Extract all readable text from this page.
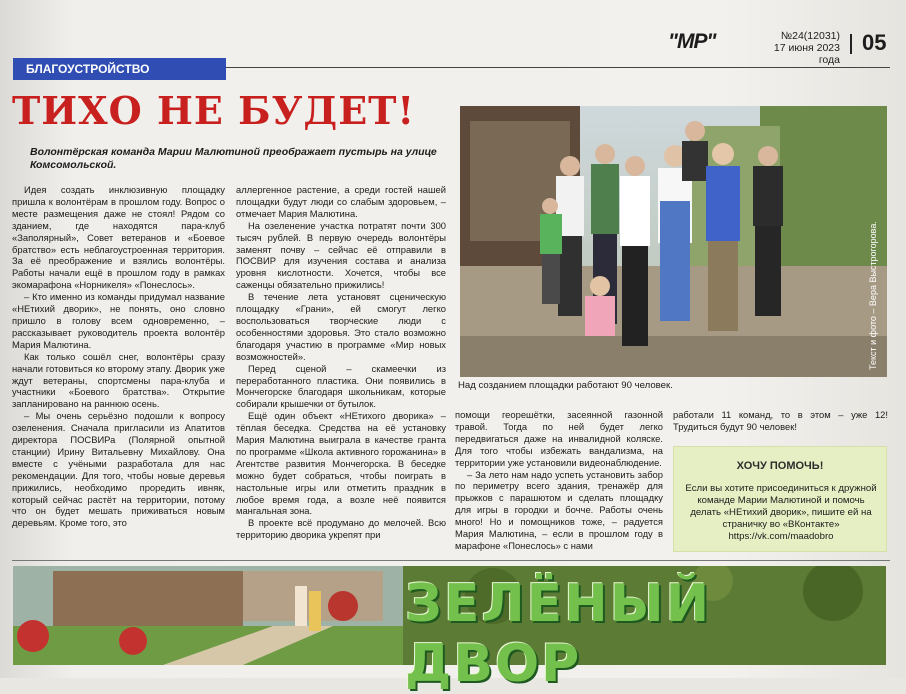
"МР"	№24(12031)
17 июня 2023 года
05
БЛАГОУСТРОЙСТВО
ТИХО НЕ БУДЕТ!
Волонтёрская команда Марии Малютиной преображает пустырь на улице Комсомольской.

Идея создать инклюзивную площадку пришла к волонтёрам в прошлом году. Вопрос о месте размещения даже не стоял! Рядом со зданием, где находятся пара-клуб «Заполярный», Совет ветеранов и «Боевое братство» есть неблагоустроенная территория. За её преображение и взялись волонтёры. Работы начали ещё в прошлом году в рамках экомарафона «Норникеля» «Понеслось».

– Кто именно из команды придумал название «НЕтихий дворик», не понять, оно словно пришло в голову всем одновременно, – рассказывает руководитель проекта волонтёр Мария Малютина.

Как только сошёл снег, волонтёры сразу начали готовиться ко второму этапу. Дворик уже ждут ветераны, спортсмены пара-клуба и участники «Боевого братства». Открытие запланировано на раннюю осень.

– Мы очень серьёзно подошли к вопросу озеленения. Сначала пригласили из Апатитов директора ПОСВИРа (Полярной опытной станции) Ирину Витальевну Михайлову. Она вместе с учёными разработала для нас рекомендации. Для того, чтобы новые деревья прижились, необходимо проредить ивняк, который сейчас растёт на территории, потому что он будет мешать приживаться новым деревьям. Кроме того, это

аллергенное растение, а среди гостей нашей площадки будут люди со слабым здоровьем, – отмечает Мария Малютина.

На озеленение участка потратят почти 300 тысяч рублей. В первую очередь волонтёры заменят почву – сейчас её отправили в ПОСВИР для изучения состава и анализа уровня кислотности. Хочется, чтобы все саженцы обязательно прижились!

В течение лета установят сценическую площадку «Грани», ей смогут легко воспользоваться творческие люди с особенностями здоровья. Это стало возможно благодаря участию в программе «Мир новых возможностей».

Перед сценой – скамеечки из переработанного пластика. Они появились в Мончегорске благодаря школьникам, которые собирали крышечки от бутылок.

Ещё один объект «НЕтихого дворика» – тёплая беседка. Средства на её установку Мария Малютина выиграла в качестве гранта по программе «Школа активного горожанина» в Агентстве развития Мончегорска. В беседке можно будет собраться, чтобы поиграть в настольные игры или отметить праздник в любое время года, а возле неё появится мангальная зона.

В проекте всё продумано до мелочей. Всю территорию дворика укрепят при

помощи георешётки, засеянной газонной травой. Тогда по ней будет легко передвигаться даже на инвалидной коляске. Для того чтобы избежать вандализма, на территории уже установили видеонаблюдение.

– За лето нам надо успеть установить забор по периметру всего здания, тренажёр для прыжков с парашютом и сделать площадку для игры в городки и бочче. Работы очень много! Но и помощников тоже, – радуется Мария Малютина, – если в прошлом году в марафоне «Понеслось» с нами

работали 11 команд, то в этом – уже 12! Трудиться будут 90 человек!

Текст и фото – Вера Выстрогорова.
Над созданием площадки работают 90 человек.
ХОЧУ ПОМОЧЬ!
Если вы хотите присоединиться к дружной команде Марии Малютиной и помочь делать «НЕтихий дворик», пишите ей на страничку во «ВКонтакте» https://vk.com/maadobro
ЗЕЛЁНЫЙ ДВОР
